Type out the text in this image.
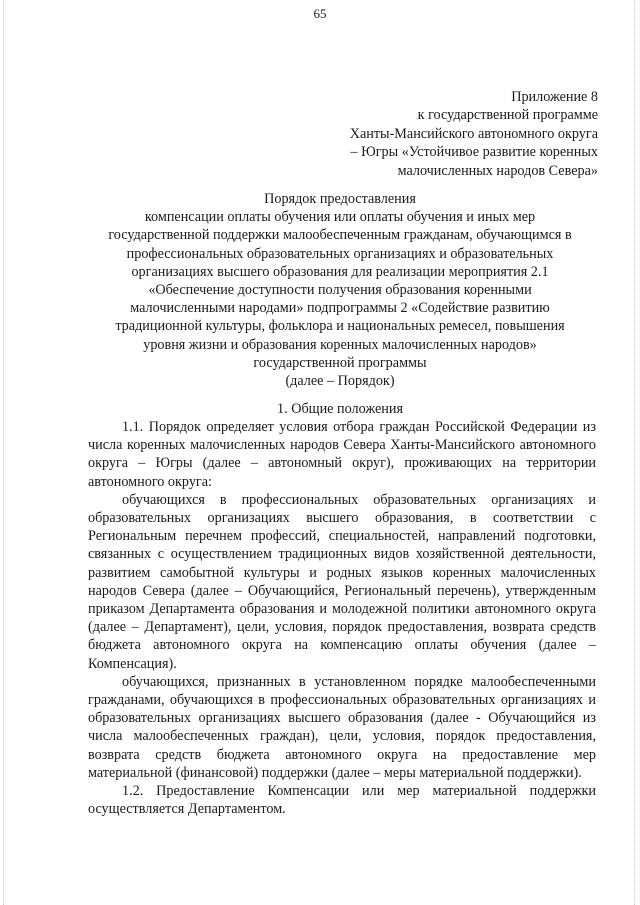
65
Приложение 8
к государственной программе
Ханты-Мансийского автономного округа
– Югры «Устойчивое развитие коренных
малочисленных народов Севера»
Порядок предоставления
компенсации оплаты обучения или оплаты обучения и иных мер
государственной поддержки малообеспеченным гражданам, обучающимся в
профессиональных образовательных организациях и образовательных
организациях высшего образования для реализации мероприятия 2.1
«Обеспечение доступности получения образования коренными
малочисленными народами» подпрограммы 2 «Содействие развитию
традиционной культуры, фольклора и национальных ремесел, повышения
уровня жизни и образования коренных малочисленных народов»
государственной программы
(далее – Порядок)
1. Общие положения

1.1. Порядок определяет условия отбора граждан Российской Федерации из числа коренных малочисленных народов Севера Ханты-Мансийского автономного округа – Югры (далее – автономный округ), проживающих на территории автономного округа:

обучающихся в профессиональных образовательных организациях и образовательных организациях высшего образования, в соответствии с Региональным перечнем профессий, специальностей, направлений подготовки, связанных с осуществлением традиционных видов хозяйственной деятельности, развитием самобытной культуры и родных языков коренных малочисленных народов Севера (далее – Обучающийся, Региональный перечень), утвержденным приказом Департамента образования и молодежной политики автономного округа (далее – Департамент), цели, условия, порядок предоставления, возврата средств бюджета автономного округа на компенсацию оплаты обучения (далее – Компенсация).

обучающихся, признанных в установленном порядке малообеспеченными гражданами, обучающихся в профессиональных образовательных организациях и образовательных организациях высшего образования (далее - Обучающийся из числа малообеспеченных граждан), цели, условия, порядок предоставления, возврата средств бюджета автономного округа на предоставление мер материальной (финансовой) поддержки (далее – меры материальной поддержки).

1.2. Предоставление Компенсации или мер материальной поддержки осуществляется Департаментом.
